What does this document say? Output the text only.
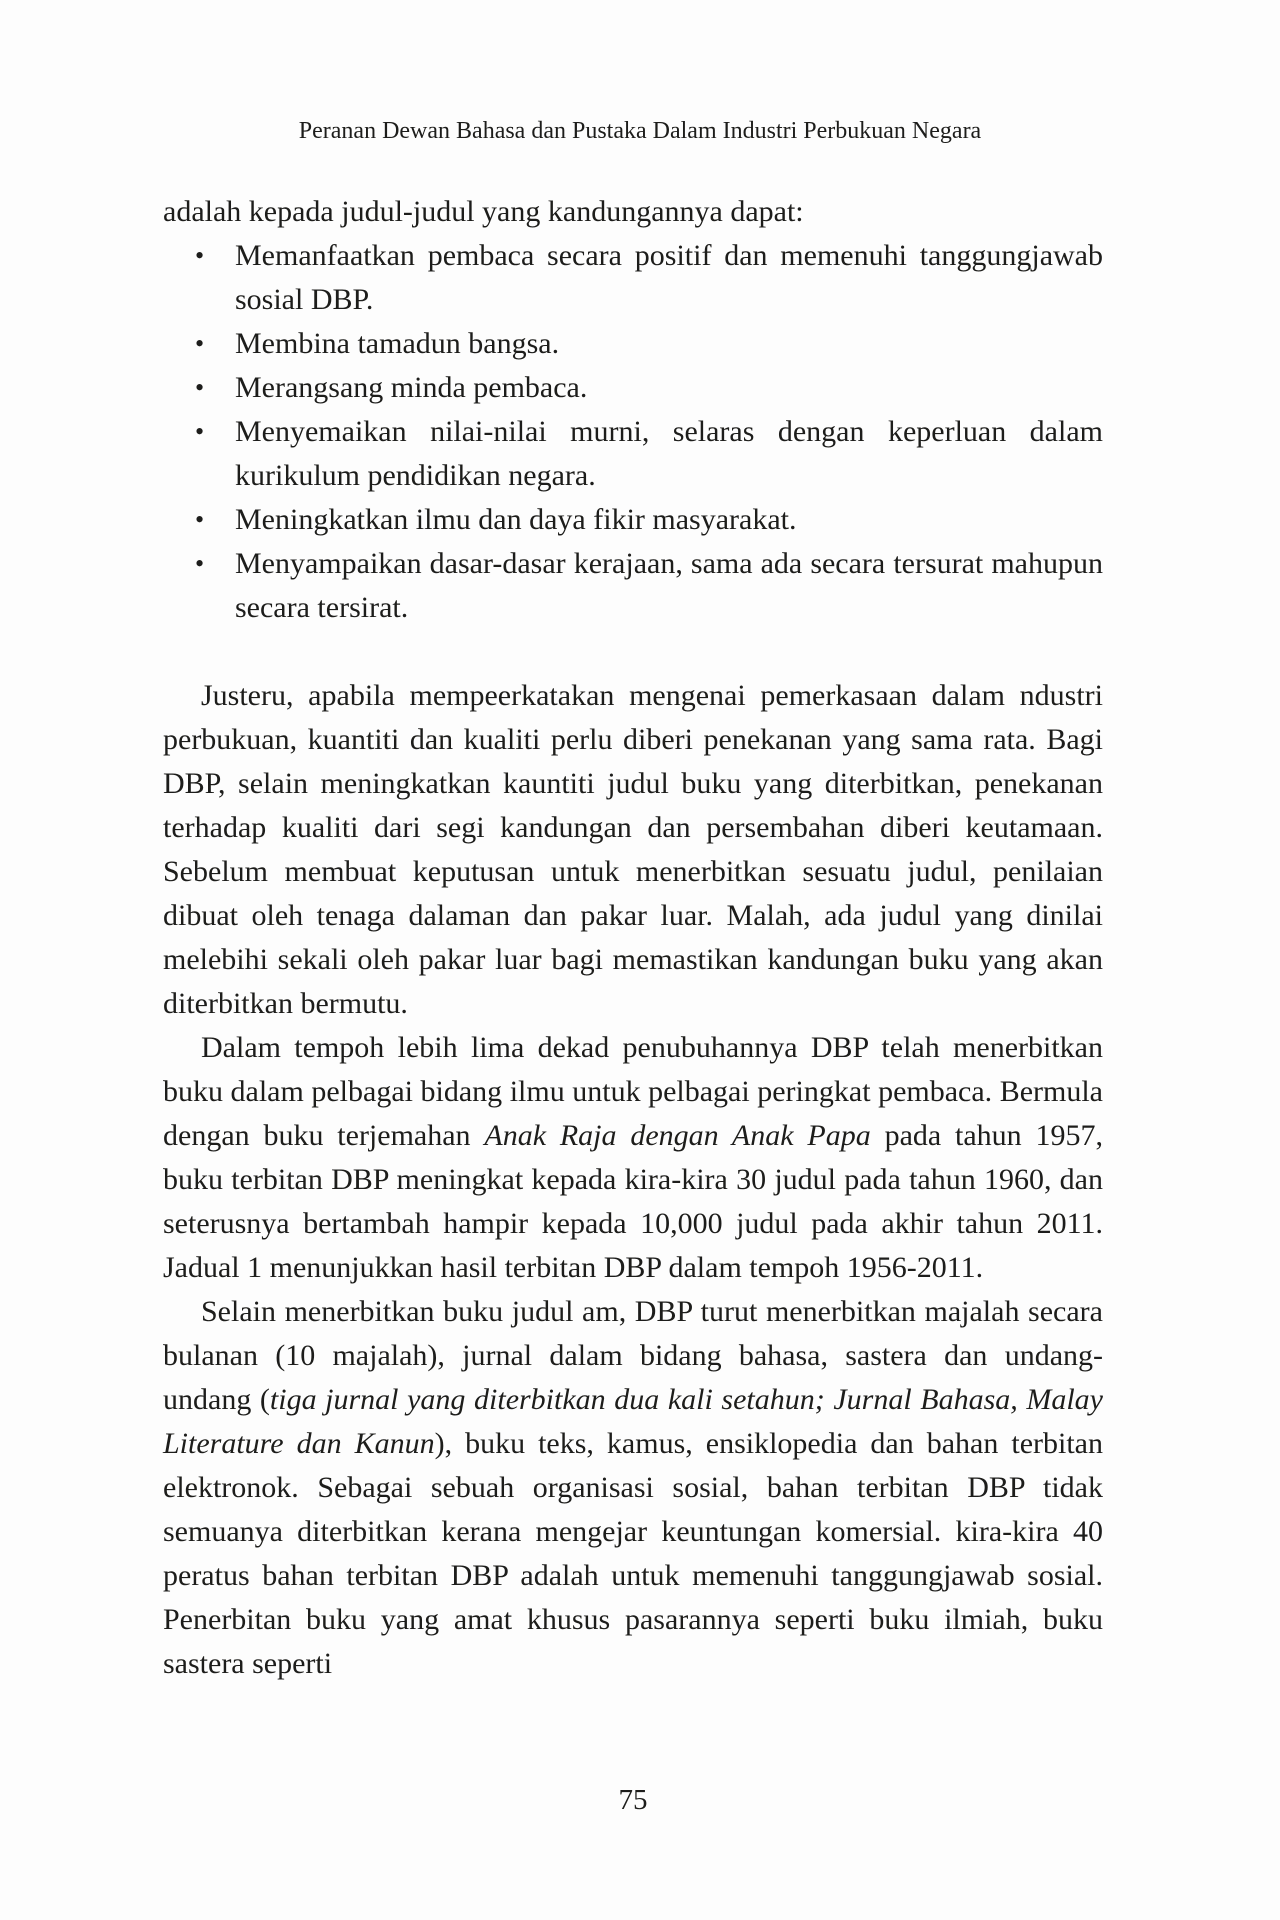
Peranan Dewan Bahasa dan Pustaka Dalam Industri Perbukuan Negara

adalah kepada judul-judul yang kandungannya dapat:

• Memanfaatkan pembaca secara positif dan memenuhi tanggungjawab sosial DBP.
• Membina tamadun bangsa.
• Merangsang minda pembaca.
• Menyemaikan nilai-nilai murni, selaras dengan keperluan dalam kurikulum pendidikan negara.
• Meningkatkan ilmu dan daya fikir masyarakat.
• Menyampaikan dasar-dasar kerajaan, sama ada secara tersurat mahupun secara tersirat.

Justeru, apabila mempeerkatakan mengenai pemerkasaan dalam ndustri perbukuan, kuantiti dan kualiti perlu diberi penekanan yang sama rata. Bagi DBP, selain meningkatkan kauntiti judul buku yang diterbitkan, penekanan terhadap kualiti dari segi kandungan dan persembahan diberi keutamaan. Sebelum membuat keputusan untuk menerbitkan sesuatu judul, penilaian dibuat oleh tenaga dalaman dan pakar luar. Malah, ada judul yang dinilai melebihi sekali oleh pakar luar bagi memastikan kandungan buku yang akan diterbitkan bermutu.

Dalam tempoh lebih lima dekad penubuhannya DBP telah menerbitkan buku dalam pelbagai bidang ilmu untuk pelbagai peringkat pembaca. Bermula dengan buku terjemahan Anak Raja dengan Anak Papa pada tahun 1957, buku terbitan DBP meningkat kepada kira-kira 30 judul pada tahun 1960, dan seterusnya bertambah hampir kepada 10,000 judul pada akhir tahun 2011. Jadual 1 menunjukkan hasil terbitan DBP dalam tempoh 1956-2011.

Selain menerbitkan buku judul am, DBP turut menerbitkan majalah secara bulanan (10 majalah), jurnal dalam bidang bahasa, sastera dan undang-undang (tiga jurnal yang diterbitkan dua kali setahun; Jurnal Bahasa, Malay Literature dan Kanun), buku teks, kamus, ensiklopedia dan bahan terbitan elektronok. Sebagai sebuah organisasi sosial, bahan terbitan DBP tidak semuanya diterbitkan kerana mengejar keuntungan komersial. kira-kira 40 peratus bahan terbitan DBP adalah untuk memenuhi tanggungjawab sosial. Penerbitan buku yang amat khusus pasarannya seperti buku ilmiah, buku sastera seperti

75
